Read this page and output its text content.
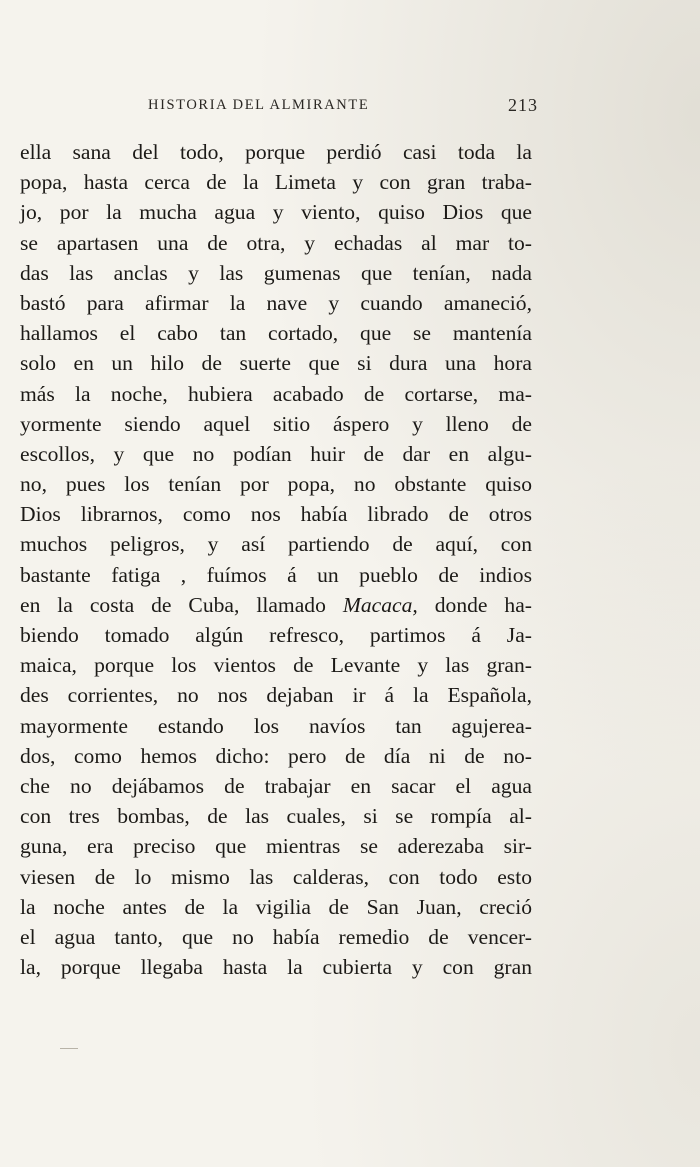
HISTORIA DEL ALMIRANTE	213
ella sana del todo, porque perdió casi toda la
popa, hasta cerca de la Limeta y con gran traba-
jo, por la mucha agua y viento, quiso Dios que
se apartasen una de otra, y echadas al mar to-
das las anclas y las gumenas que tenían, nada
bastó para afirmar la nave y cuando amaneció,
hallamos el cabo tan cortado, que se mantenía
solo en un hilo de suerte que si dura una hora
más la noche, hubiera acabado de cortarse, ma-
yormente siendo aquel sitio áspero y lleno de
escollos, y que no podían huir de dar en algu-
no, pues los tenían por popa, no obstante quiso
Dios librarnos, como nos había librado de otros
muchos peligros, y así partiendo de aquí, con
bastante fatiga , fuímos á un pueblo de indios
en la costa de Cuba, llamado Macaca, donde ha-
biendo tomado algún refresco, partimos á Ja-
maica, porque los vientos de Levante y las gran-
des corrientes, no nos dejaban ir á la Española,
mayormente estando los navíos tan agujerea-
dos, como hemos dicho: pero de día ni de no-
che no dejábamos de trabajar en sacar el agua
con tres bombas, de las cuales, si se rompía al-
guna, era preciso que mientras se aderezaba sir-
viesen de lo mismo las calderas, con todo esto
la noche antes de la vigilia de San Juan, creció
el agua tanto, que no había remedio de vencer-
la, porque llegaba hasta la cubierta y con gran
